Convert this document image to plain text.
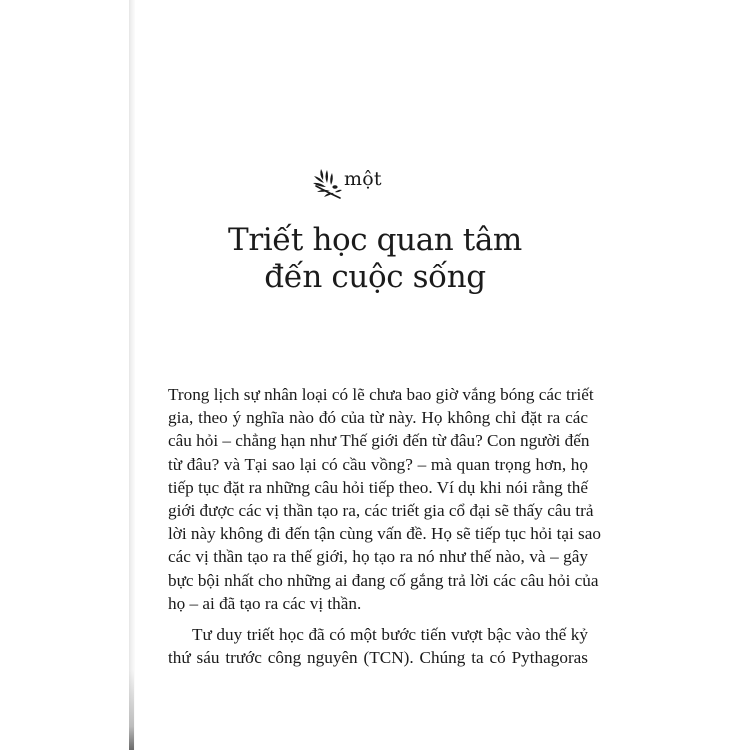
một
Triết học quan tâm
đến cuộc sống

Trong lịch sự nhân loại có lẽ chưa bao giờ vắng bóng các triết
gia, theo ý nghĩa nào đó của từ này. Họ không chỉ đặt ra các
câu hỏi – chẳng hạn như Thế giới đến từ đâu? Con người đến
từ đâu? và Tại sao lại có cầu vồng? – mà quan trọng hơn, họ
tiếp tục đặt ra những câu hỏi tiếp theo. Ví dụ khi nói rằng thế
giới được các vị thần tạo ra, các triết gia cổ đại sẽ thấy câu trả
lời này không đi đến tận cùng vấn đề. Họ sẽ tiếp tục hỏi tại sao
các vị thần tạo ra thế giới, họ tạo ra nó như thế nào, và – gây
bực bội nhất cho những ai đang cố gắng trả lời các câu hỏi của
họ – ai đã tạo ra các vị thần.

Tư duy triết học đã có một bước tiến vượt bậc vào thế kỷ
thứ sáu trước công nguyên (TCN). Chúng ta có Pythagoras
